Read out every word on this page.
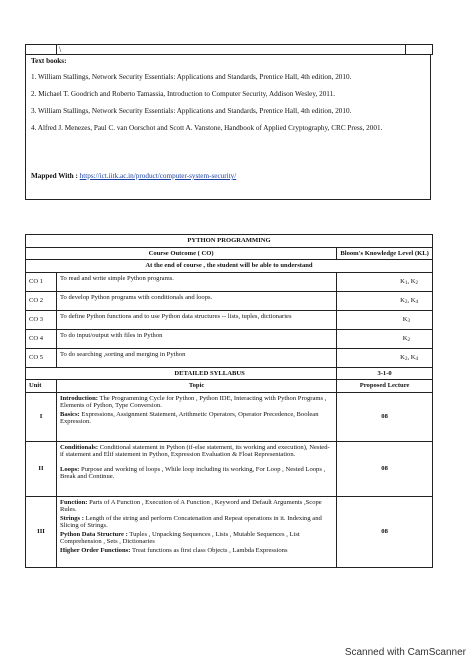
	\	
Text books:
1. William Stallings, Network Security Essentials: Applications and Standards, Prentice Hall, 4th edition, 2010.
2. Michael T. Goodrich and Roberto Tamassia, Introduction to Computer Security, Addison Wesley, 2011.
3. William Stallings, Network Security Essentials: Applications and Standards, Prentice Hall, 4th edition, 2010.
4. Alfred J. Menezes, Paul C. van Oorschot and Scott A. Vanstone, Handbook of Applied Cryptography, CRC Press, 2001.
Mapped With : https://ict.iitk.ac.in/product/computer-system-security/
PYTHON PROGRAMMING		
Course Outcome ( CO)		Bloom's Knowledge Level (KL)
At the end of course , the student will be able to understand		
CO 1	To read and write simple Python programs.	$K_1$, $K_2$
CO 2	To develop Python programs with conditionals and loops.	$K_2$, $K_4$
CO 3	To define Python functions and to use Python data structures -- lists, tuples, dictionaries	$K_3$
CO 4	To do input/output with files in Python	$K_2$
CO 5	To do searching ,sorting and merging in Python	$K_2$, $K_4$
DETAILED SYLLABUS		3-1-0
Unit	Topic	Proposed Lecture
I	Introduction: The Programming Cycle for Python , Python IDE, Interacting with Python Programs , Elements of Python, Type Conversion.

Basics: Expressions, Assignment Statement, Arithmetic Operators, Operator Precedence, Boolean Expression.	08
II	Conditionals: Conditional statement in Python (if-else statement, its working and execution), Nested-if statement and Elif statement in Python, Expression Evaluation & Float Representation.

Loops: Purpose and working of loops , While loop including its working, For Loop , Nested Loops , Break and Continue.	08
III	Function: Parts of A Function , Execution of A Function , Keyword and Default Arguments ,Scope Rules.

Strings : Length of the string and perform Concatenation and Repeat operations in it. Indexing and Slicing of Strings.

Python Data Structure : Tuples , Unpacking Sequences , Lists , Mutable Sequences , List Comprehension , Sets , Dictionaries

Higher Order Functions: Treat functions as first class Objects , Lambda Expressions	08
Scanned with CamScanner
